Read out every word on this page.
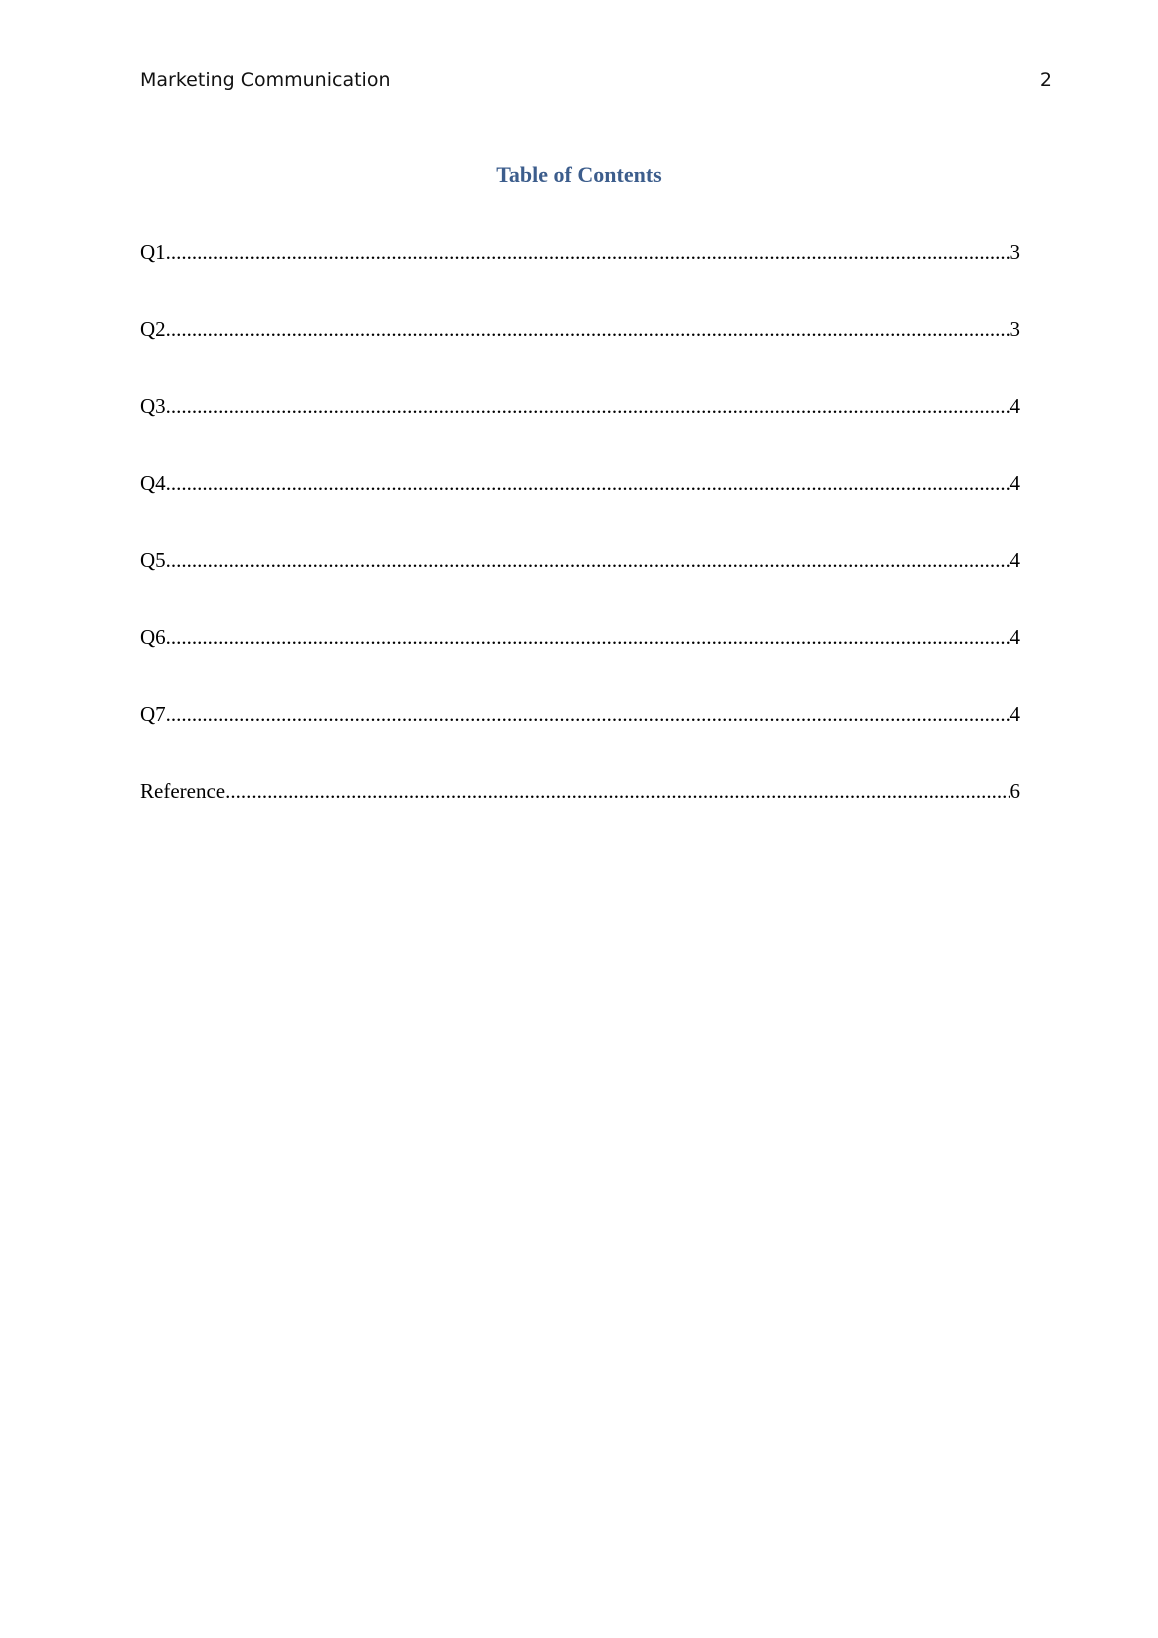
Marketing Communication	2
Table of Contents
Q1 .....	3
Q2 .....	3
Q3 .....	4
Q4 .....	4
Q5 .....	4
Q6 .....	4
Q7 .....	4
Reference .....	6
